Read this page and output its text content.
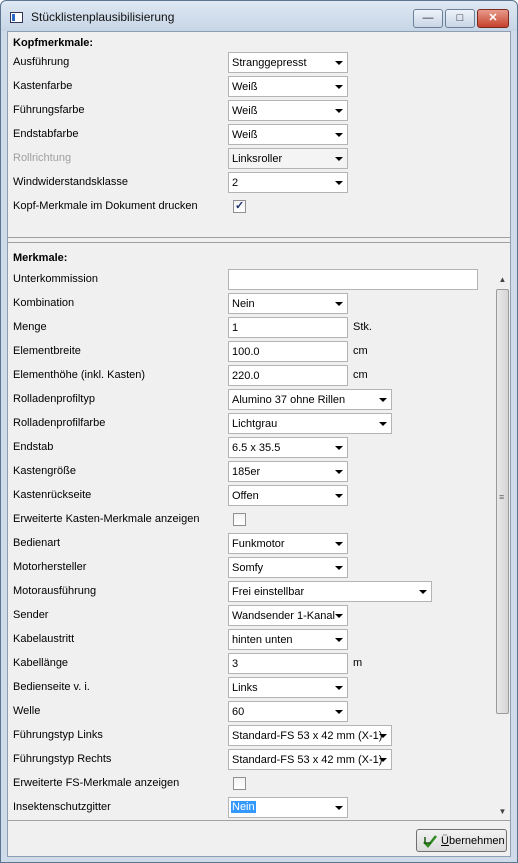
Stücklistenplausibilisierung	—	□	✕
Kopfmerkmale:
Ausführung	Stranggepresst
Kastenfarbe	Weiß
Führungsfarbe	Weiß
Endstabfarbe	Weiß
Rollrichtung	Linksroller
Windwiderstandsklasse	2
Kopf-Merkmale im Dokument drucken	✓
Merkmale:
Unterkommission
Kombination	Nein
Menge	1	Stk.
Elementbreite	100.0	cm
Elementhöhe (inkl. Kasten)	220.0	cm
Rolladenprofiltyp	Alumino 37 ohne Rillen
Rolladenprofilfarbe	Lichtgrau
Endstab	6.5 x 35.5
Kastengröße	185er
Kastenrückseite	Offen
Erweiterte Kasten-Merkmale anzeigen
Bedienart	Funkmotor
Motorhersteller	Somfy
Motorausführung	Frei einstellbar
Sender	Wandsender 1-Kanal
Kabelaustritt	hinten unten
Kabellänge	3	m
Bedienseite v. i.	Links
Welle	60
Führungstyp Links	Standard-FS 53 x 42 mm (X-1)
Führungstyp Rechts	Standard-FS 53 x 42 mm (X-1)
Erweiterte FS-Merkmale anzeigen
Insektenschutzgitter	Nein
▲
≡
▼
Übernehmen
